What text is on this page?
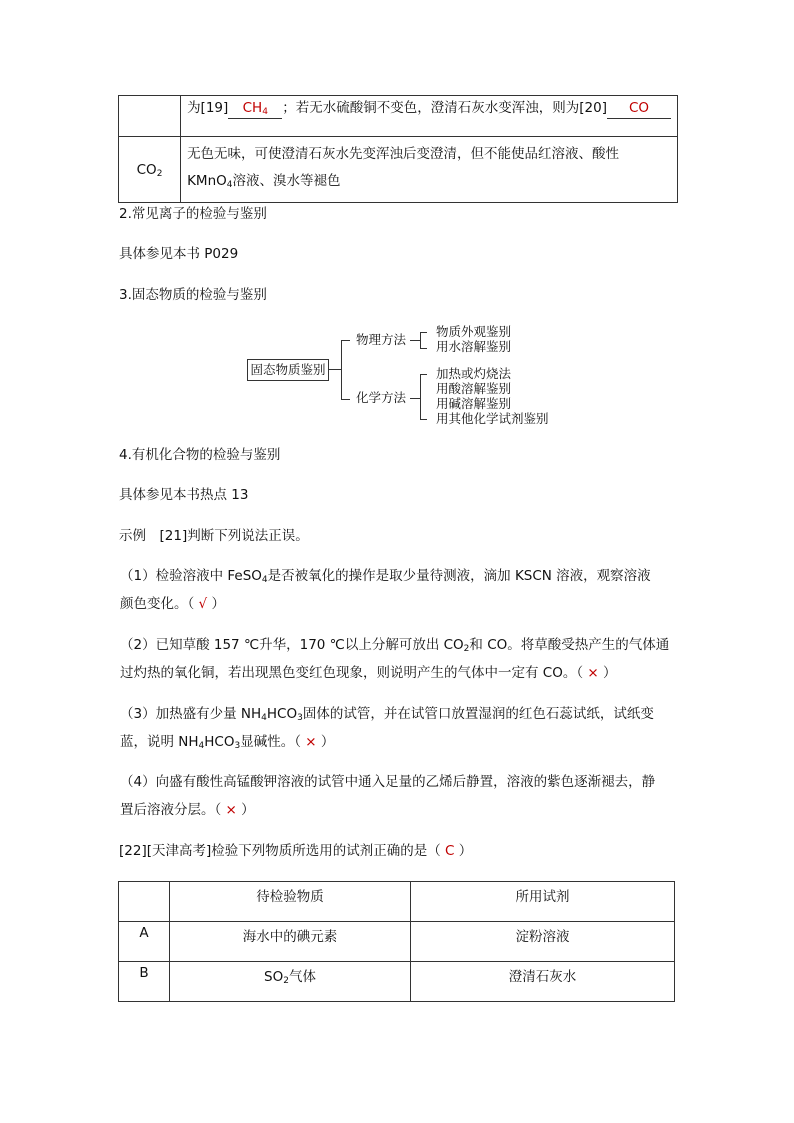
	为[19] $CH_4$ ；若无水硫酸铜不变色，澄清石灰水变浑浊，则为[20] CO
$CO_2$	无色无味，可使澄清石灰水先变浑浊后变澄清，但不能使品红溶液、酸性
KMnO$_4$溶液、溴水等褪色
2.常见离子的检验与鉴别
具体参见本书 P029
3.固态物质的检验与鉴别
固态物质鉴别
物理方法
物质外观鉴别
用水溶解鉴别
化学方法
加热或灼烧法
用酸溶解鉴别
用碱溶解鉴别
用其他化学试剂鉴别
4.有机化合物的检验与鉴别
具体参见本书热点 13
示例　[21]判断下列说法正误。
（1）检验溶液中 FeSO$_4$是否被氧化的操作是取少量待测液，滴加 KSCN 溶液，观察溶液
颜色变化。（ √ ）
（2）已知草酸 157 ℃升华，170 ℃以上分解可放出 $CO_2$和 CO。将草酸受热产生的气体通
过灼热的氧化铜，若出现黑色变红色现象，则说明产生的气体中一定有 CO。（ × ）
（3）加热盛有少量 $NH_4HCO_3$固体的试管，并在试管口放置湿润的红色石蕊试纸，试纸变
蓝，说明 $NH_4HCO_3$显碱性。（ × ）
（4）向盛有酸性高锰酸钾溶液的试管中通入足量的乙烯后静置，溶液的紫色逐渐褪去，静
置后溶液分层。（ × ）
[22][天津高考]检验下列物质所选用的试剂正确的是（ C ）
	待检验物质	所用试剂
A	海水中的碘元素	淀粉溶液
B	$SO_2$气体	澄清石灰水
